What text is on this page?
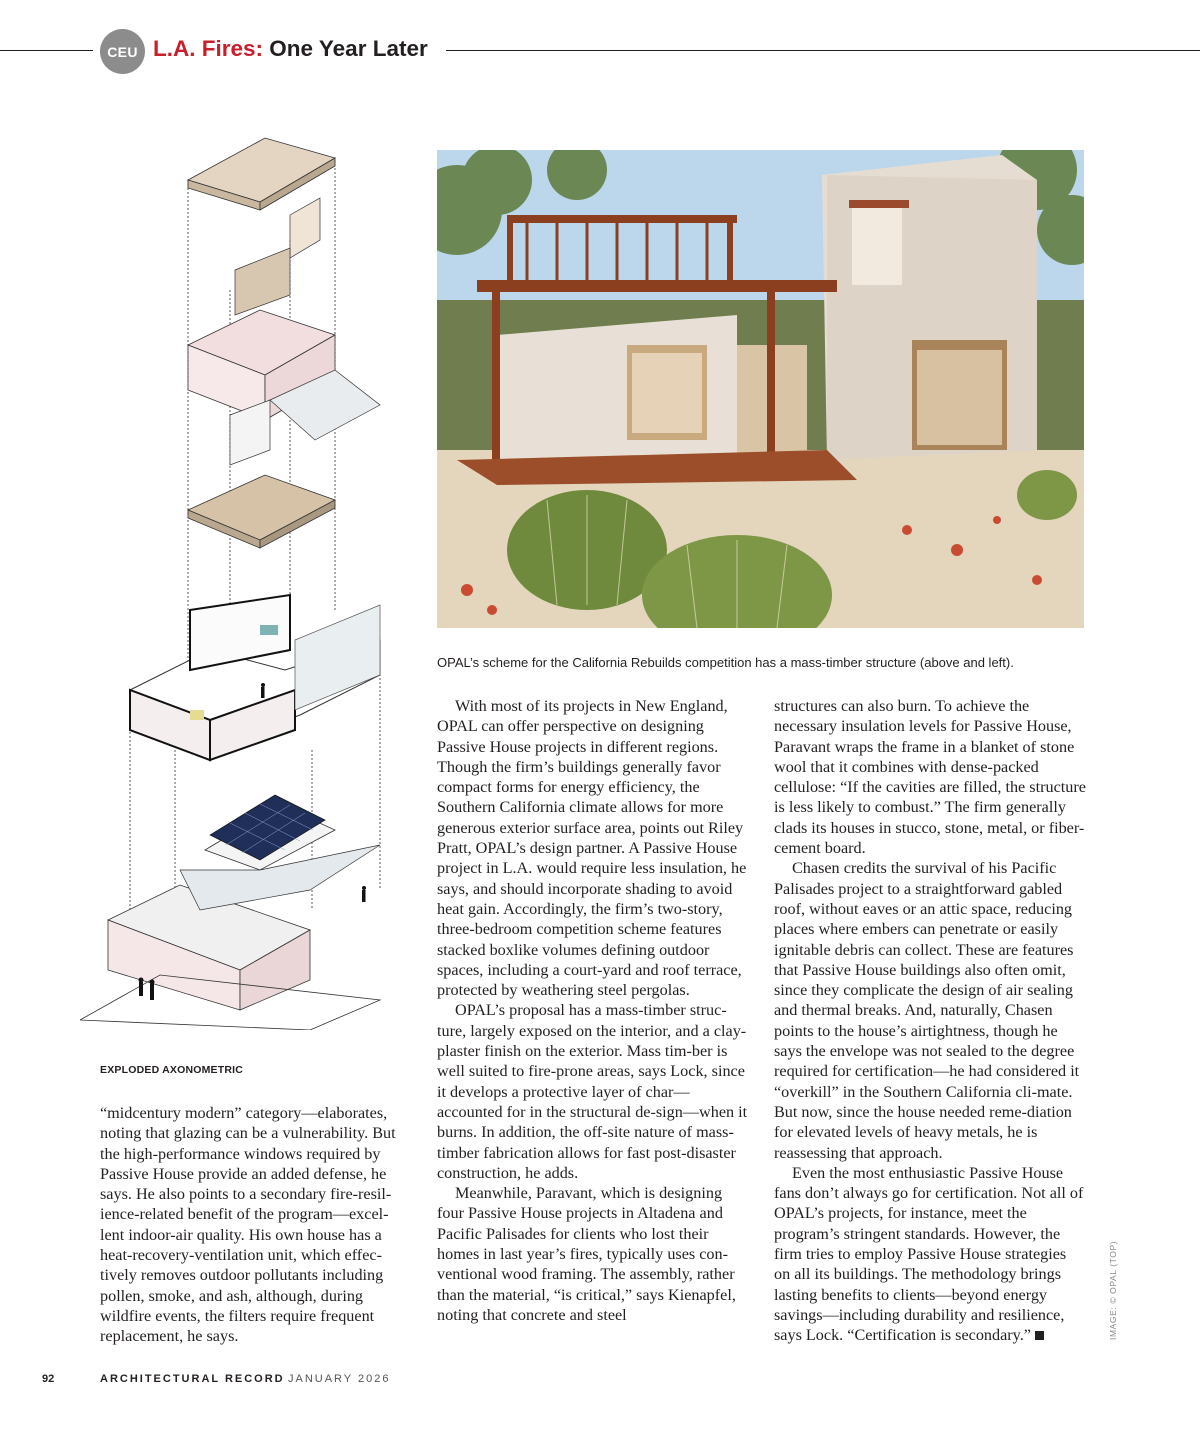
CEU L.A. Fires: One Year Later
EXPLODED AXONOMETRIC
OPAL’s scheme for the California Rebuilds competition has a mass-timber structure (above and left).

“midcentury modern” category—elaborates, noting that glazing can be a vulnerability. But the high-performance windows required by Passive House provide an added defense, he says. He also points to a secondary fire-resil-ience-related benefit of the program—excel-lent indoor-air quality. His own house has a heat-recovery-ventilation unit, which effec-tively removes outdoor pollutants including pollen, smoke, and ash, although, during wildfire events, the filters require frequent replacement, he says.

With most of its projects in New England, OPAL can offer perspective on designing Passive House projects in different regions. Though the firm’s buildings generally favor compact forms for energy efficiency, the Southern California climate allows for more generous exterior surface area, points out Riley Pratt, OPAL’s design partner. A Passive House project in L.A. would require less insulation, he says, and should incorporate shading to avoid heat gain. Accordingly, the firm’s two-story, three-bedroom competition scheme features stacked boxlike volumes defining outdoor spaces, including a court-yard and roof terrace, protected by weathering steel pergolas.

OPAL’s proposal has a mass-timber struc-ture, largely exposed on the interior, and a clay-plaster finish on the exterior. Mass tim-ber is well suited to fire-prone areas, says Lock, since it develops a protective layer of char—accounted for in the structural de-sign—when it burns. In addition, the off-site nature of mass-timber fabrication allows for fast post-disaster construction, he adds.

Meanwhile, Paravant, which is designing four Passive House projects in Altadena and Pacific Palisades for clients who lost their homes in last year’s fires, typically uses con-ventional wood framing. The assembly, rather than the material, “is critical,” says Kienapfel, noting that concrete and steel

structures can also burn. To achieve the necessary insulation levels for Passive House, Paravant wraps the frame in a blanket of stone wool that it combines with dense-packed cellulose: “If the cavities are filled, the structure is less likely to combust.” The firm generally clads its houses in stucco, stone, metal, or fiber-cement board.

Chasen credits the survival of his Pacific Palisades project to a straightforward gabled roof, without eaves or an attic space, reducing places where embers can penetrate or easily ignitable debris can collect. These are features that Passive House buildings also often omit, since they complicate the design of air sealing and thermal breaks. And, naturally, Chasen points to the house’s airtightness, though he says the envelope was not sealed to the degree required for certification—he had considered it “overkill” in the Southern California cli-mate. But now, since the house needed reme-diation for elevated levels of heavy metals, he is reassessing that approach.

Even the most enthusiastic Passive House fans don’t always go for certification. Not all of OPAL’s projects, for instance, meet the program’s stringent standards. However, the firm tries to employ Passive House strategies on all its buildings. The methodology brings lasting benefits to clients—beyond energy savings—including durability and resilience, says Lock. “Certification is secondary.”	IMAGE: © OPAL (TOP)
92	ARCHITECTURAL RECORD JANUARY 2026
